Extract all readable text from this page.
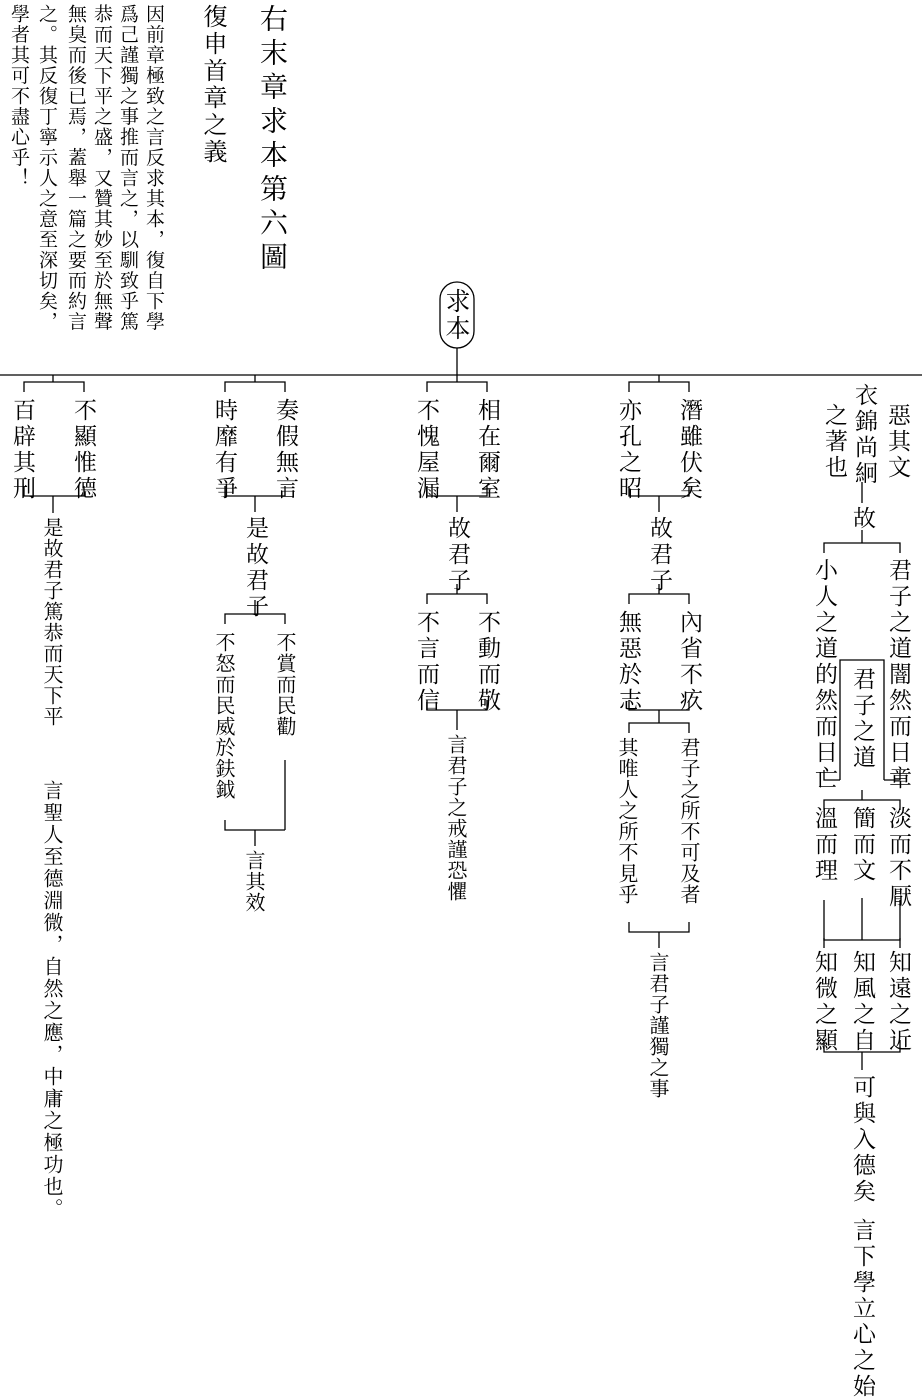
右末章求本第六圖
復申首章之義
因前章極致之言反求其本，復自下學
爲己謹獨之事推而言之，以馴致乎篤
恭而天下平之盛，又贊其妙至於無聲
無臭而後已焉，蓋舉一篇之要而約言
之。其反復丁寧示人之意至深切矣，
學者其可不盡心乎！
求本
惡其文
衣錦尚絅
之著也
故
君子之道闇然而日章
小人之道的然而日亡 君子之道
淡而不厭
簡而文
溫而理
知遠之近
知風之自
知微之顯
可與入德矣
言下學立心之始
潛雖伏矣
亦孔之昭
故君子
內省不疚
無惡於志
君子之所不可及者
其唯人之所不見乎
言君子謹獨之事
相在爾室
不愧屋漏
故君子
不動而敬
不言而信
言君子之戒謹恐懼
奏假無言
時靡有爭
是故君子
不賞而民勸
不怒而民威於鈇鉞
言其效
不顯惟德
百辟其刑
是故君子篤恭而天下平
言聖人至德淵微，自然之應，中庸之極功也。
